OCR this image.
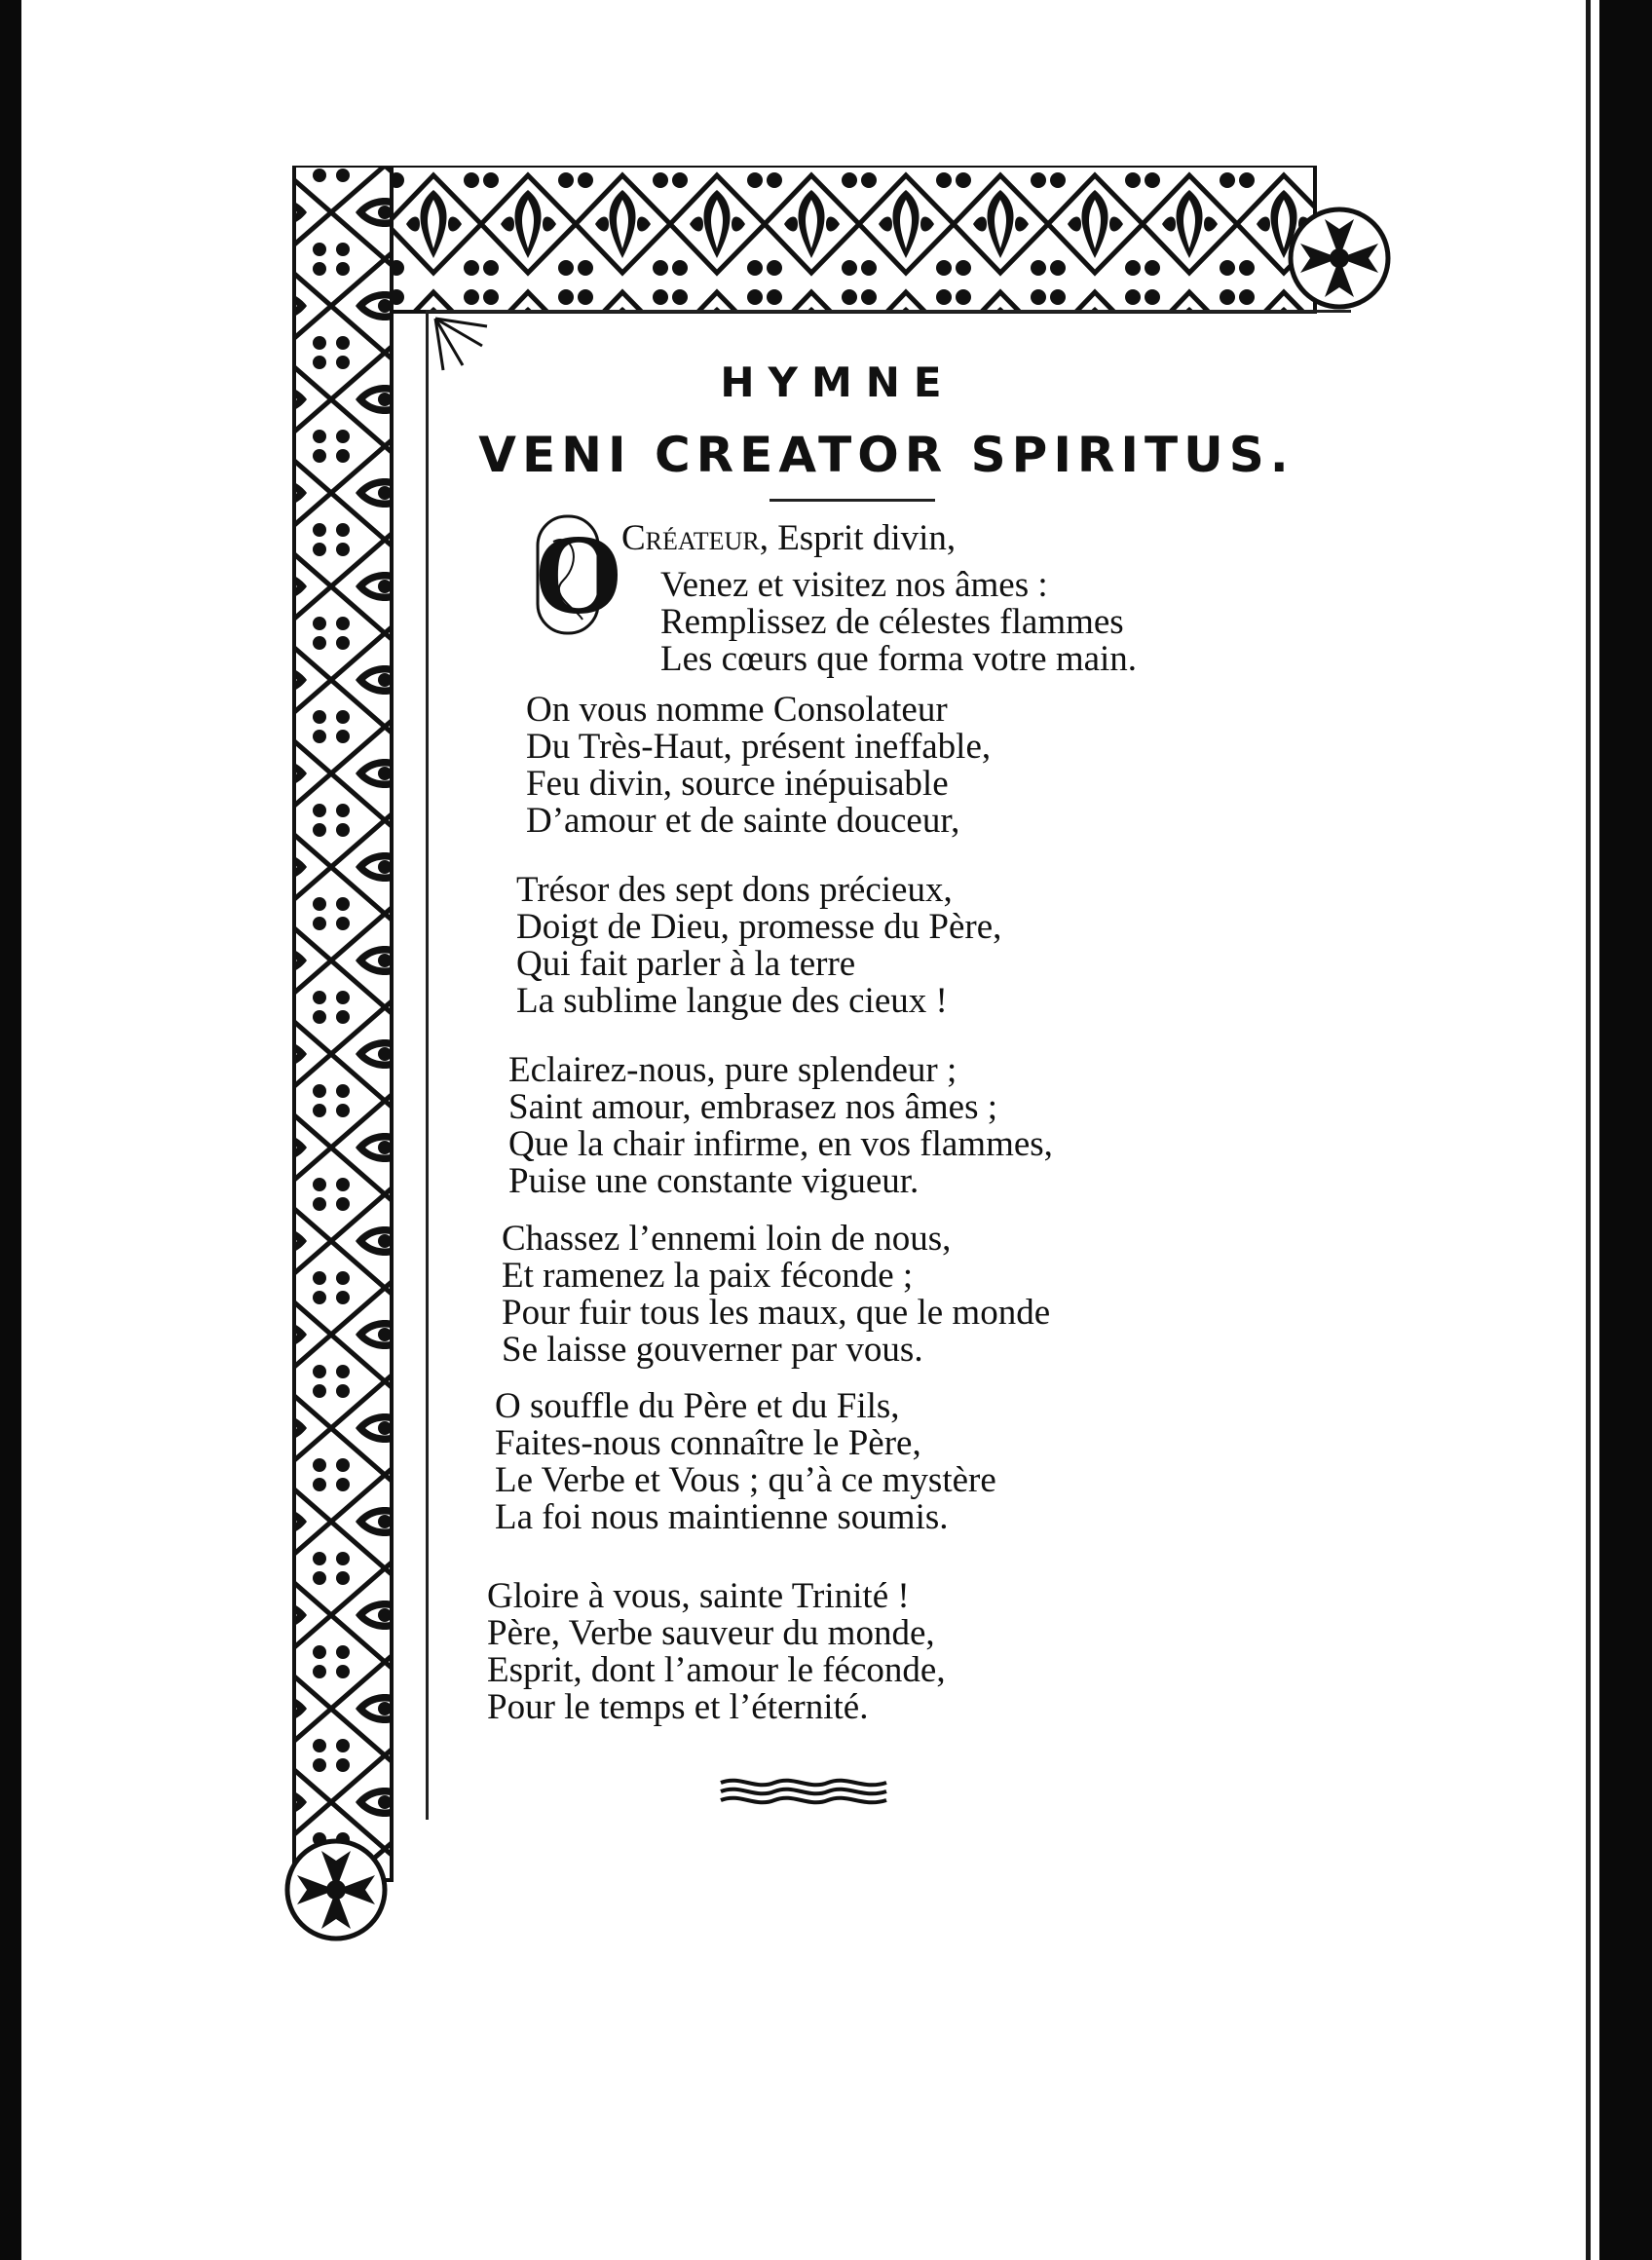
HYMNE
VENI CREATOR SPIRITUS.
O
Créateur, Esprit divin,
Venez et visitez nos âmes :
Remplissez de célestes flammes
Les cœurs que forma votre main.
On vous nomme Consolateur
Du Très-Haut, présent ineffable,
Feu divin, source inépuisable
D’amour et de sainte douceur,
Trésor des sept dons précieux,
Doigt de Dieu, promesse du Père,
Qui fait parler à la terre
La sublime langue des cieux !
Eclairez-nous, pure splendeur ;
Saint amour, embrasez nos âmes ;
Que la chair infirme, en vos flammes,
Puise une constante vigueur.
Chassez l’ennemi loin de nous,
Et ramenez la paix féconde ;
Pour fuir tous les maux, que le monde
Se laisse gouverner par vous.
O souffle du Père et du Fils,
Faites-nous connaître le Père,
Le Verbe et Vous ; qu’à ce mystère
La foi nous maintienne soumis.
Gloire à vous, sainte Trinité !
Père, Verbe sauveur du monde,
Esprit, dont l’amour le féconde,
Pour le temps et l’éternité.
